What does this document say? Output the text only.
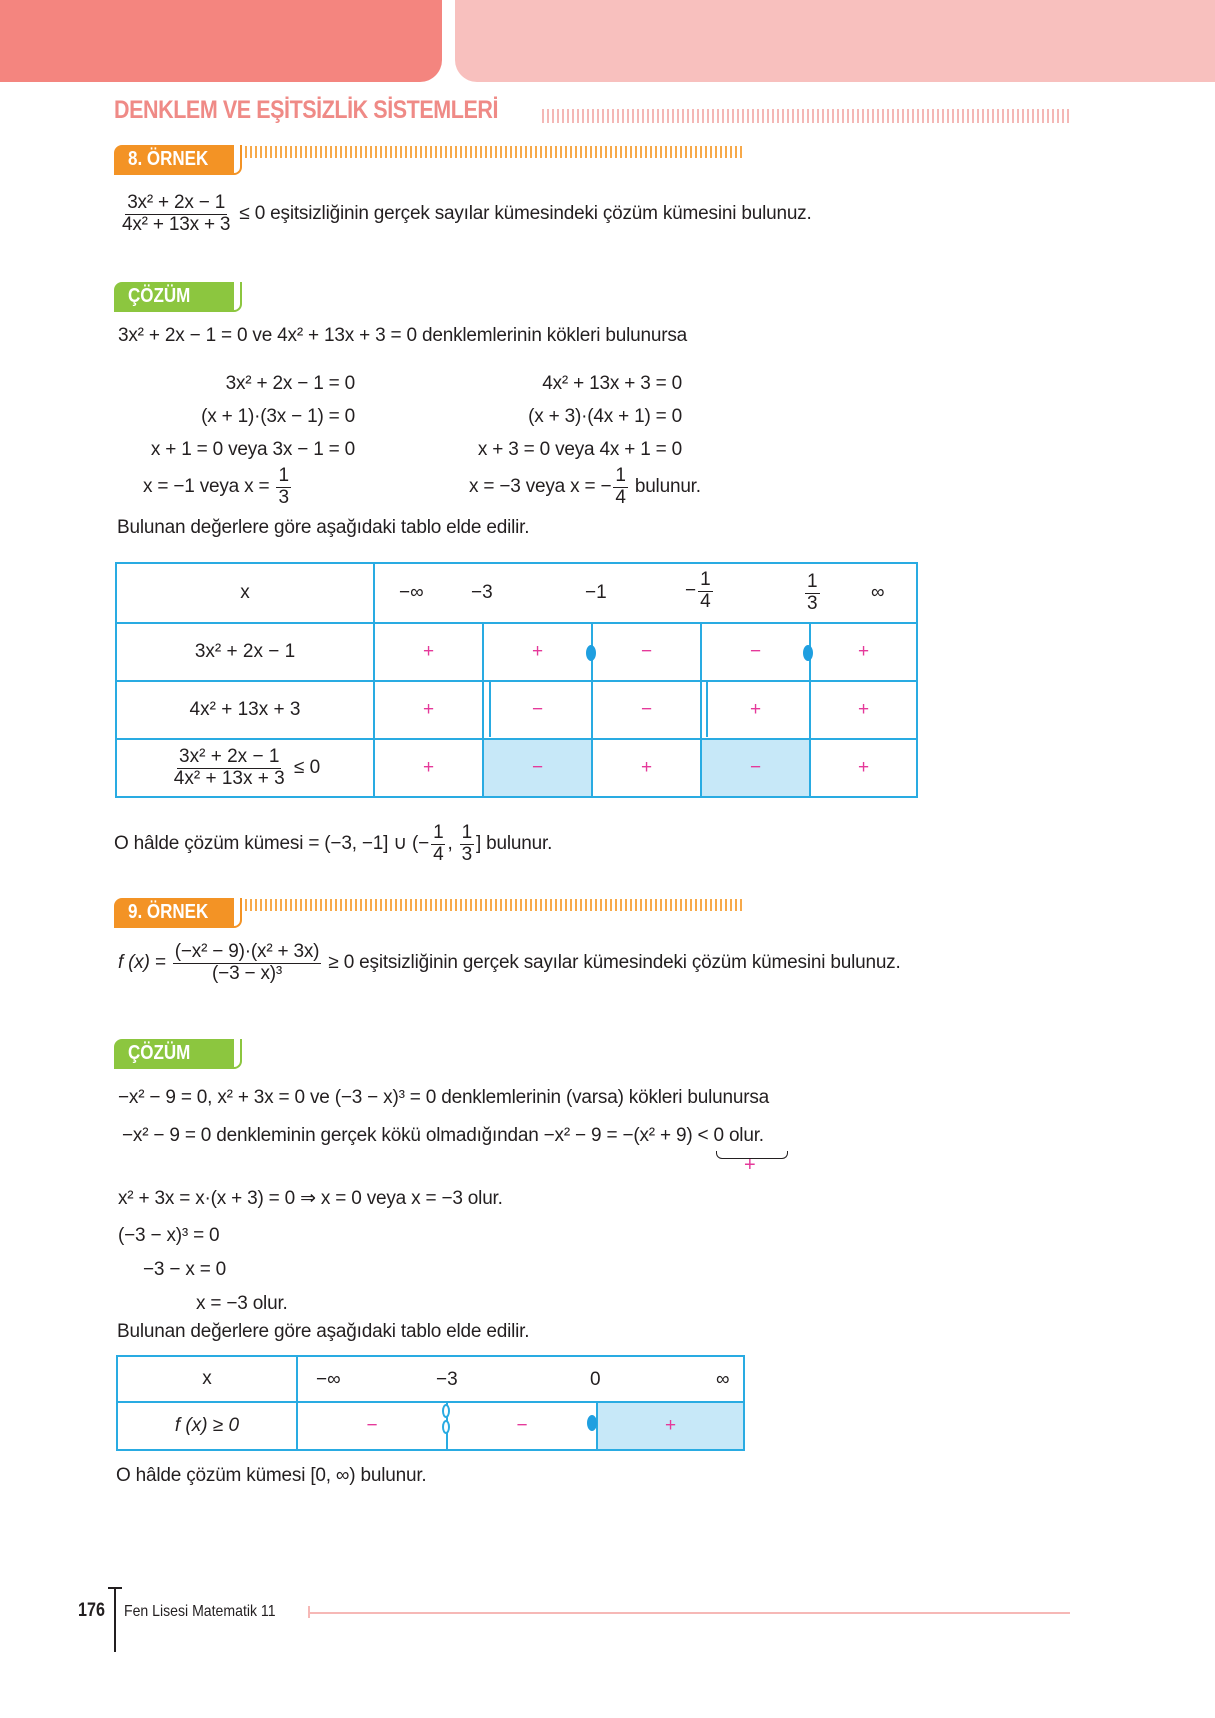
DENKLEM VE EŞİTSİZLİK SİSTEMLERİ
8. ÖRNEK
$\frac{\text{3x² + 2x − 1}}{\text{4x² + 13x + 3}} \le 0$ eşitsizliğinin gerçek sayılar kümesindeki çözüm kümesini bulunuz.
ÇÖZÜM
3x² + 2x − 1 = 0 ve 4x² + 13x + 3 = 0 denklemlerinin kökleri bulunursa
3x² + 2x − 1 = 0
(x + 1)·(3x − 1) = 0
x + 1 = 0 veya 3x − 1 = 0
x = −1 veya $x = \frac{1}{3}$
4x² + 13x + 3 = 0
(x + 3)·(4x + 1) = 0
x + 3 = 0 veya 4x + 1 = 0
x = −3 veya x = − $\frac{1}{4}$ bulunur.
Bulunan değerlere göre aşağıdaki tablo elde edilir.
x	−∞ −3	−1	− $\frac{1}{4}$	$\frac{1}{3}$	∞

3x² + 2x − 1	+	+	−	−	+
4x² + 13x + 3	+	−	−	+	+

$\frac{\text{3x² + 2x − 1}}{\text{4x² + 13x + 3}} \le 0$	+	−	+	−	+
O hâlde çözüm kümesi = (−3, −1] ∪ (− $\frac{1}{4}$ , $\frac{1}{3}$ ] bulunur.
9. ÖRNEK
f $(x) = \frac{\text{(−x² − 9)·(x² + 3x)}}{\text{(−3 − x)³}} \ge 0$ eşitsizliğinin gerçek sayılar kümesindeki çözüm kümesini bulunuz.
ÇÖZÜM
−x² − 9 = 0, x² + 3x = 0 ve (−3 − x)³ = 0 denklemlerinin (varsa) kökleri bulunursa
−x² − 9 = 0 denkleminin gerçek kökü olmadığından −x² − 9 = −(x² + 9) < 0 olur.
+
x² + 3x = x·(x + 3) = 0 ⇒ x = 0 veya x = −3 olur.
(−3 − x)³ = 0
−3 − x = 0
x = −3 olur.
Bulunan değerlere göre aşağıdaki tablo elde edilir.
x	−∞ −3 0 ∞		

f (x) ≥ 0	−	−	+
O hâlde çözüm kümesi [0, ∞) bulunur.
176 Fen Lisesi Matematik 11
